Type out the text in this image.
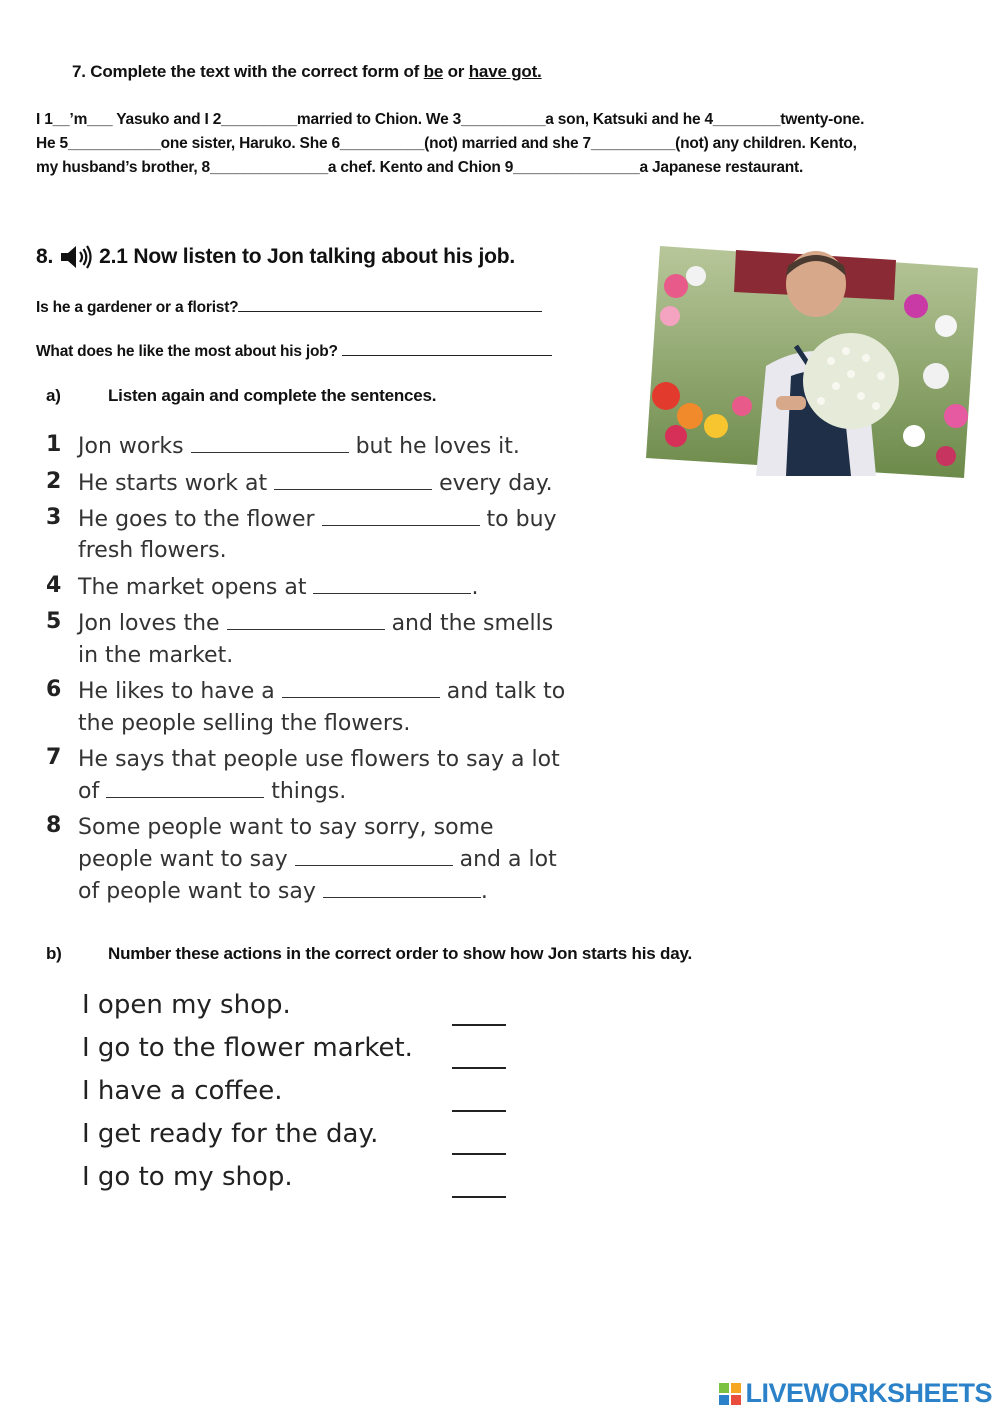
7. Complete the text with the correct form of be or have got.
I 1__’m___ Yasuko and I 2_________married to Chion. We 3__________a son, Katsuki and he 4________twenty-one.
He 5___________one sister, Haruko. She 6__________(not) married and she 7__________(not) any children. Kento,
my husband’s brother, 8______________a chef. Kento and Chion 9_______________a Japanese restaurant.
8. 2.1 Now listen to Jon talking about his job.
Is he a gardener or a florist?
What does he like the most about his job?
a)	Listen again and complete the sentences.
1 Jon works	but he loves it.
2 He starts work at	every day.
3 He goes to the flower	to buy
fresh flowers.
4 The market opens at	.
5 Jon loves the	and the smells
in the market.
6 He likes to have a	and talk to
the people selling the flowers.
7 He says that people use flowers to say a lot
of	things.
8 Some people want to say sorry, some
people want to say	and a lot
of people want to say	.
b)	Number these actions in the correct order to show how Jon starts his day.
I open my shop.
I go to the flower market.
I have a coffee.
I get ready for the day.
I go to my shop.
LIVEWORKSHEETS
